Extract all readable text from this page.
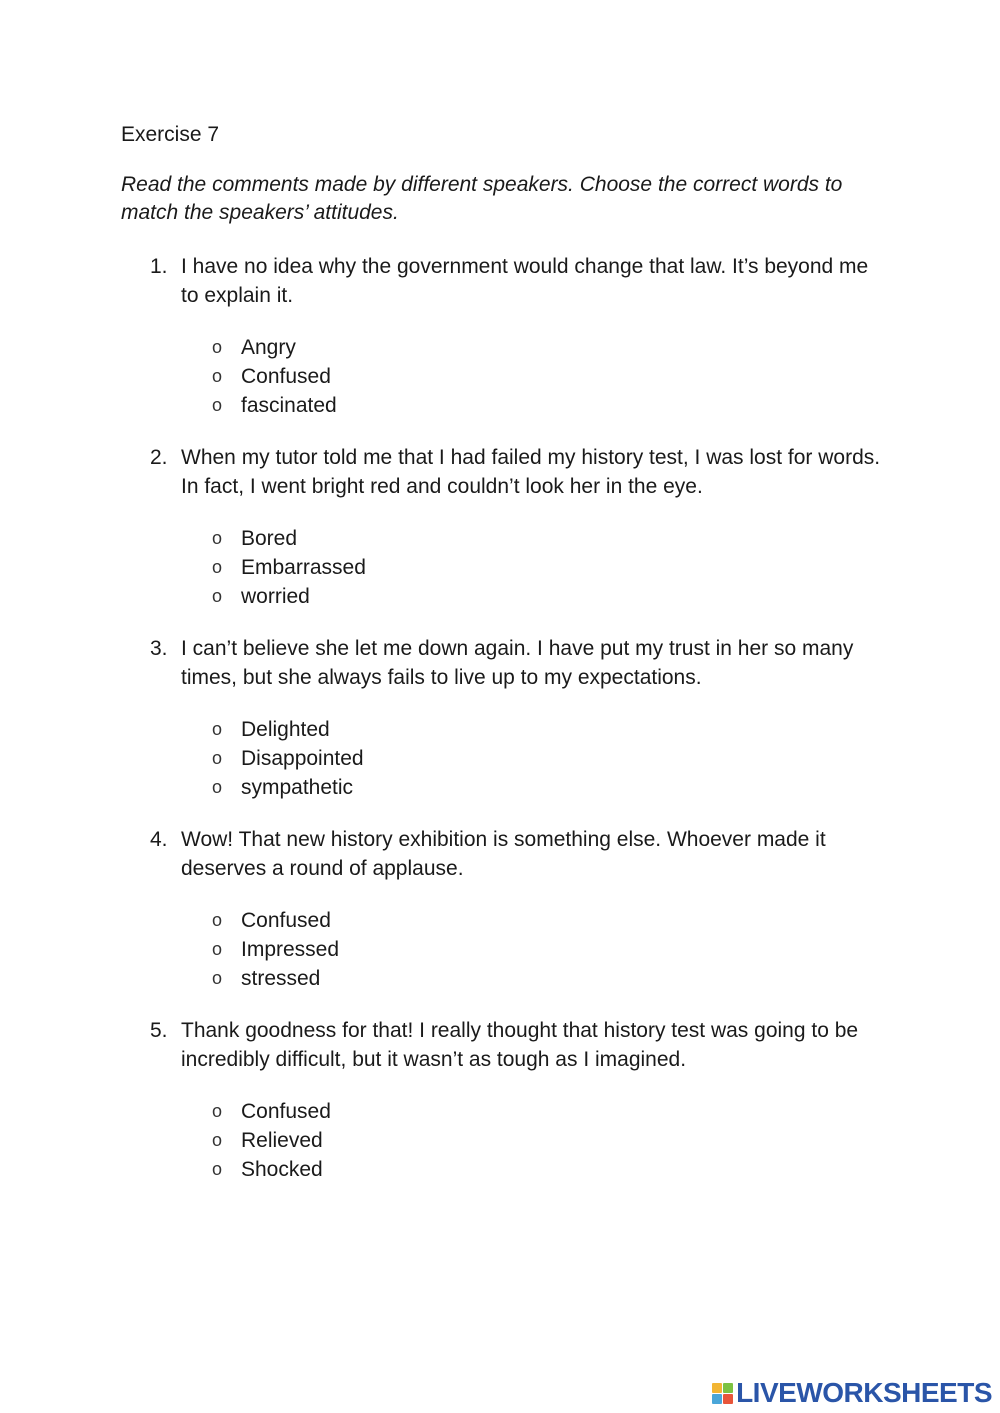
Exercise 7

Read the comments made by different speakers. Choose the correct words to match the speakers’ attitudes.

1. I have no idea why the government would change that law. It’s beyond me to explain it.

o Angry
o Confused
o fascinated
2. When my tutor told me that I had failed my history test, I was lost for words. In fact, I went bright red and couldn’t look her in the eye.

o Bored
o Embarrassed
o worried
3. I can’t believe she let me down again. I have put my trust in her so many times, but she always fails to live up to my expectations.

o Delighted
o Disappointed
o sympathetic
4. Wow! That new history exhibition is something else. Whoever made it deserves a round of applause.

o Confused
o Impressed
o stressed
5. Thank goodness for that! I really thought that history test was going to be incredibly difficult, but it wasn’t as tough as I imagined.

o Confused
o Relieved
o Shocked
LIVEWORKSHEETS
